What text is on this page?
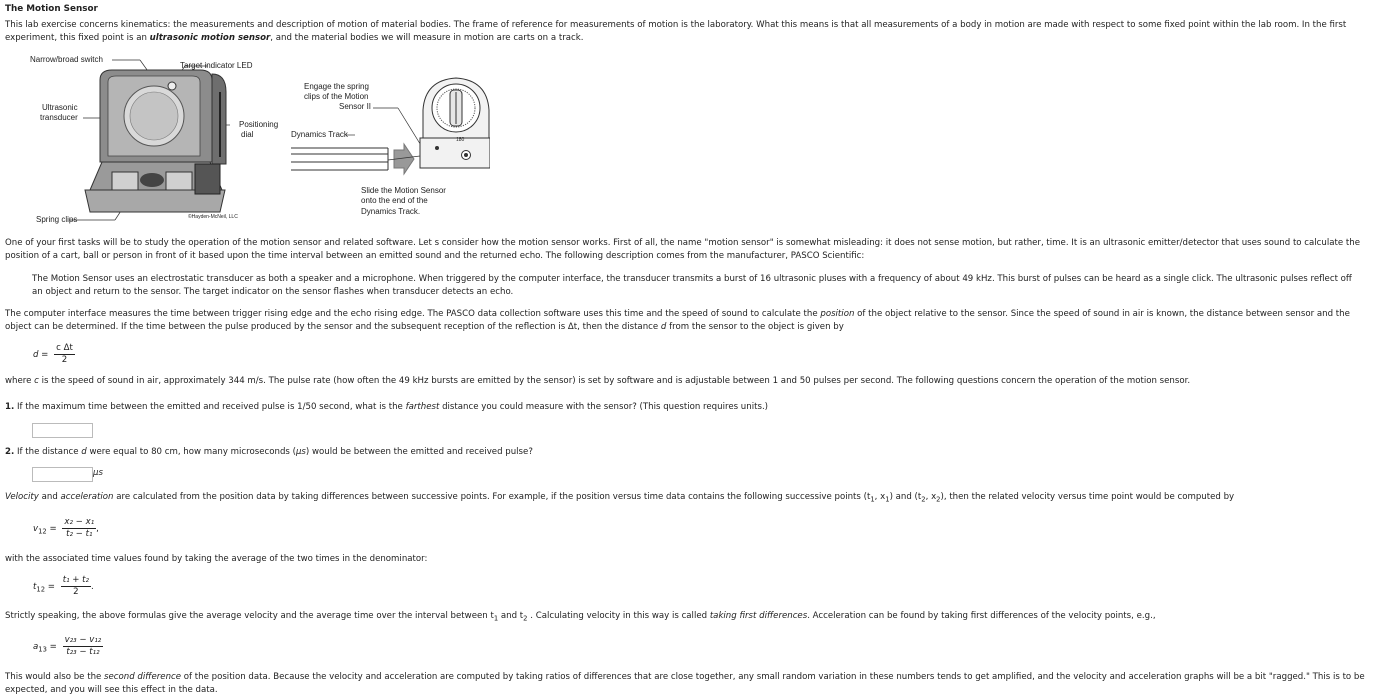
The Motion Sensor
This lab exercise concerns kinematics: the measurements and description of motion of material bodies. The frame of reference for measurements of motion is the laboratory. What this means is that all measurements of a body in motion are made with respect to some fixed point within the lab room. In the first experiment, this fixed point is an ultrasonic motion sensor, and the material bodies we will measure in motion are carts on a track.
Narrow/broad switch
Target indicator LED
Ultrasonic
transducer
Positioning
dial
Spring clips	©Hayden-McNeil, LLC
Engage the spring
clips of the Motion
Sensor II
Dynamics Track
Slide the Motion Sensor
onto the end of the
Dynamics Track.
180
One of your first tasks will be to study the operation of the motion sensor and related software. Let s consider how the motion sensor works. First of all, the name "motion sensor" is somewhat misleading: it does not sense motion, but rather, time. It is an ultrasonic emitter/detector that uses sound to calculate the position of a cart, ball or person in front of it based upon the time interval between an emitted sound and the returned echo. The following description comes from the manufacturer, PASCO Scientific:
The Motion Sensor uses an electrostatic transducer as both a speaker and a microphone. When triggered by the computer interface, the transducer transmits a burst of 16 ultrasonic pluses with a frequency of about 49 kHz. This burst of pulses can be heard as a single click. The ultrasonic pulses reflect off an object and return to the sensor. The target indicator on the sensor flashes when transducer detects an echo.
The computer interface measures the time between trigger rising edge and the echo rising edge. The PASCO data collection software uses this time and the speed of sound to calculate the position of the object relative to the sensor. Since the speed of sound in air is known, the distance between sensor and the object can be determined. If the time between the pulse produced by the sensor and the subsequent reception of the reflection is Δt, then the distance d from the sensor to the object is given by
$d = \frac{\text{c Δt}}{2}$
where c is the speed of sound in air, approximately 344 m/s. The pulse rate (how often the 49 kHz bursts are emitted by the sensor) is set by software and is adjustable between 1 and 50 pulses per second. The following questions concern the operation of the motion sensor.
1. If the maximum time between the emitted and received pulse is 1/50 second, what is the farthest distance you could measure with the sensor? (This question requires units.)
2. If the distance d were equal to 80 cm, how many microseconds (μs) would be between the emitted and received pulse?
μs
Velocity and acceleration are calculated from the position data by taking differences between successive points. For example, if the position versus time data contains the following successive points ($t_1$, $x_1$) and ($t_2$, $x_2$), then the related velocity versus time point would be computed by
$v_{12} = \frac{\text{x₂ − x₁}}{\text{t₂ − t₁}}$ ,
with the associated time values found by taking the average of the two times in the denominator:
$t_{12} = \frac{\text{t₁ + t₂}}{2}$ .
Strictly speaking, the above formulas give the average velocity and the average time over the interval between $t_1$ and $t_2$ . Calculating velocity in this way is called taking first differences. Acceleration can be found by taking first differences of the velocity points, e.g.,
$a_{13} = \frac{\text{v₂₃ − v₁₂}}{\text{t₂₃ − t₁₂}}$
This would also be the second difference of the position data. Because the velocity and acceleration are computed by taking ratios of differences that are close together, any small random variation in these numbers tends to get amplified, and the velocity and acceleration graphs will be a bit "ragged." This is to be expected, and you will see this effect in the data.
